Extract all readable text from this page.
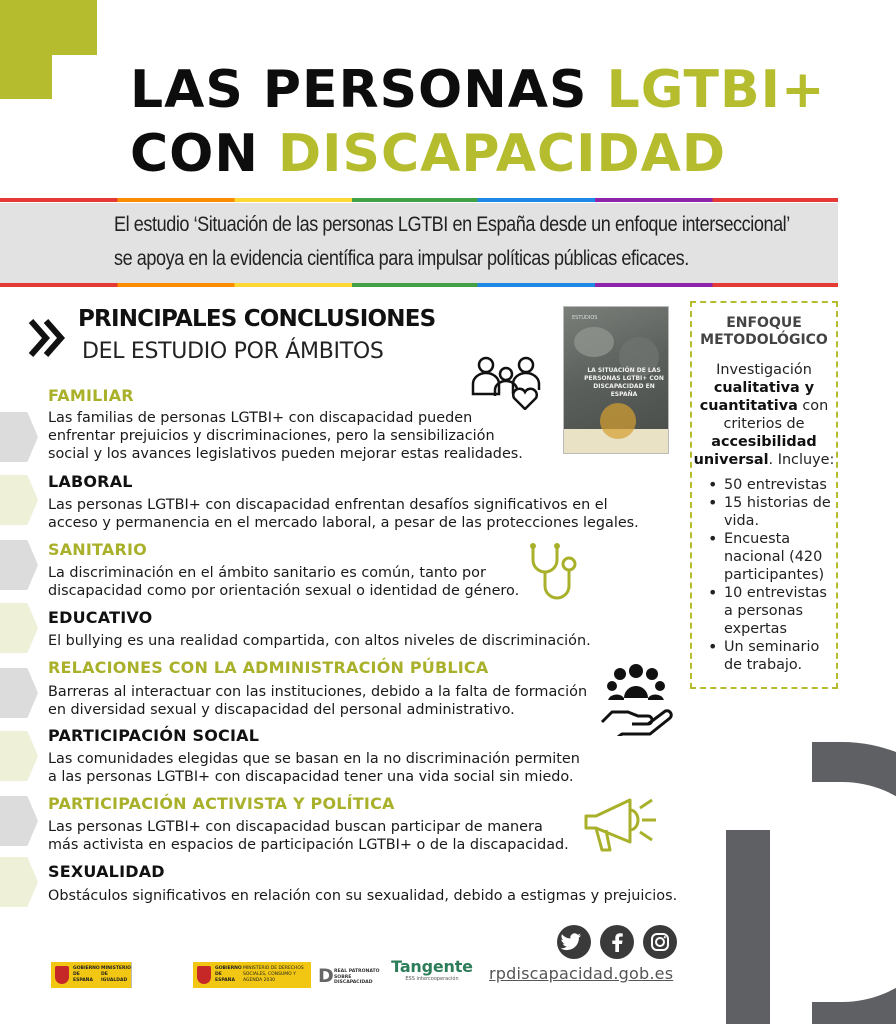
LAS PERSONAS LGTBI+
CON DISCAPACIDAD
El estudio ‘Situación de las personas LGTBI en España desde un enfoque interseccional’
se apoya en la evidencia científica para impulsar políticas públicas eficaces.
PRINCIPALES CONCLUSIONES
DEL ESTUDIO POR ÁMBITOS
FAMILIAR
Las familias de personas LGTBI+ con discapacidad pueden
enfrentar prejuicios y discriminaciones, pero la sensibilización
social y los avances legislativos pueden mejorar estas realidades.
LABORAL
Las personas LGTBI+ con discapacidad enfrentan desafíos significativos en el
acceso y permanencia en el mercado laboral, a pesar de las protecciones legales.
SANITARIO
La discriminación en el ámbito sanitario es común, tanto por
discapacidad como por orientación sexual o identidad de género.
EDUCATIVO
El bullying es una realidad compartida, con altos niveles de discriminación.
RELACIONES CON LA ADMINISTRACIÓN PÚBLICA
Barreras al interactuar con las instituciones, debido a la falta de formación
en diversidad sexual y discapacidad del personal administrativo.
PARTICIPACIÓN SOCIAL
Las comunidades elegidas que se basan en la no discriminación permiten
a las personas LGTBI+ con discapacidad tener una vida social sin miedo.
PARTICIPACIÓN ACTIVISTA Y POLÍTICA
Las personas LGTBI+ con discapacidad buscan participar de manera
más activista en espacios de participación LGTBI+ o de la discapacidad.
SEXUALIDAD
Obstáculos significativos en relación con su sexualidad, debido a estigmas y prejuicios.
ESTUDIOS
LA SITUACIÓN DE LAS PERSONAS LGTBI+ CON DISCAPACIDAD EN ESPAÑA
ENFOQUE METODOLÓGICO
Investigación cualitativa y cuantitativa con criterios de accesibilidad universal. Incluye:
• 50 entrevistas
• 15 historias de vida.
• Encuesta nacional (420 participantes)
• 10 entrevistas a personas expertas
• Un seminario de trabajo.
rpdiscapacidad.gob.es
GOBIERNO DE ESPAÑA
MINISTERIO DE IGUALDAD
GOBIERNO DE ESPAÑA
MINISTERIO DE DERECHOS SOCIALES, CONSUMO Y AGENDA 2030	D REAL PATRONATO SOBRE DISCAPACIDAD
Tangente
ESS intercooperación
